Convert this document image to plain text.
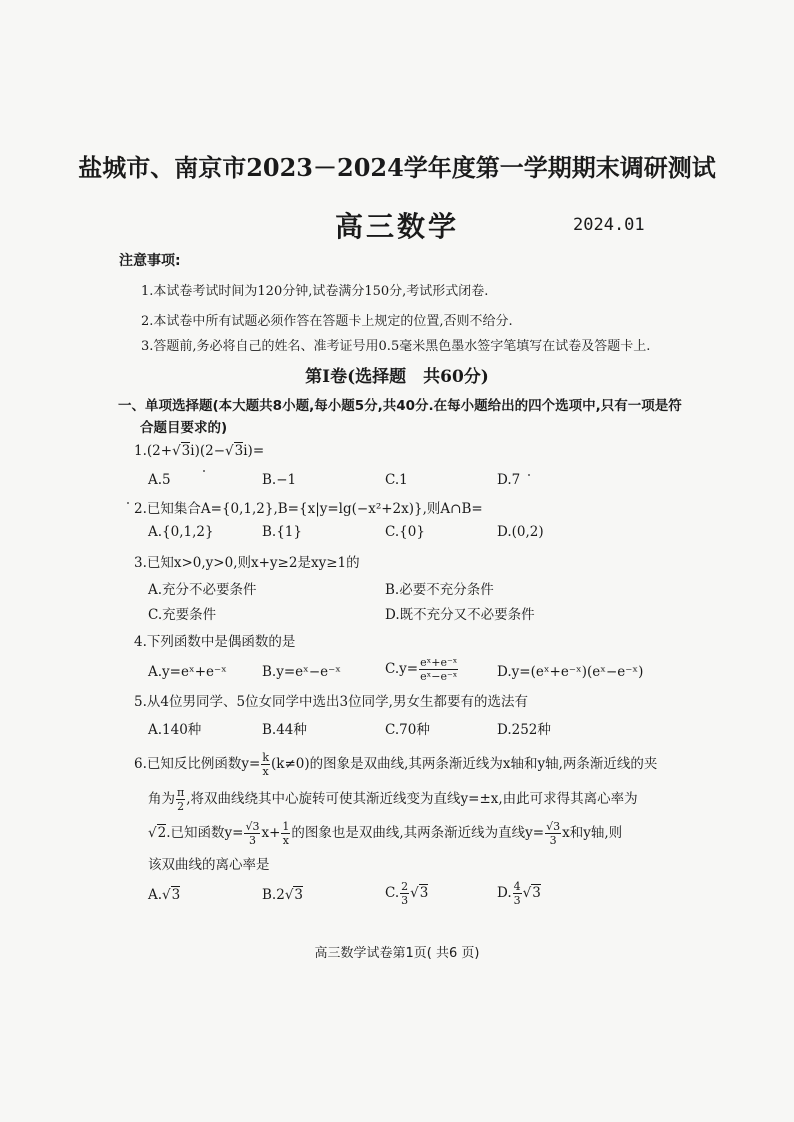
盐城市、南京市2023－2024学年度第一学期期末调研测试
高三数学	2024.01
注意事项:
1.本试卷考试时间为120分钟,试卷满分150分,考试形式闭卷.
2.本试卷中所有试题必须作答在答题卡上规定的位置,否则不给分.
3.答题前,务必将自己的姓名、准考证号用0.5毫米黑色墨水签字笔填写在试卷及答题卡上.
第Ⅰ卷(选择题　共60分)
一、单项选择题(本大题共8小题,每小题5分,共40分.在每小题给出的四个选项中,只有一项是符
合题目要求的)
1.(2+√3i)(2−√3i)=
A.5	B.−1	C.1	D.7
2.已知集合A={0,1,2},B={x|y=lg(−x²+2x)},则A∩B=
A.{0,1,2}	B.{1}	C.{0}	D.(0,2)
3.已知x>0,y>0,则x+y≥2是xy≥1的
A.充分不必要条件	B.必要不充分条件
C.充要条件	D.既不充分又不必要条件
4.下列函数中是偶函数的是
A.y=eˣ+e⁻ˣ	B.y=eˣ−e⁻ˣ	$C.y= \frac{\text{eˣ+e⁻ˣ}}{\text{eˣ−e⁻ˣ}}$	D.y=(eˣ+e⁻ˣ)(eˣ−e⁻ˣ)
5.从4位男同学、5位女同学中选出3位同学,男女生都要有的选法有
A.140种	B.44种	C.70种	D.252种
6.已知反比例函数$y= \frac{k}{x} (k\ne 0)$的图象是双曲线,其两条渐近线为x轴和y轴,两条渐近线的夹
角为 $\frac{\pi}{2}$ ,将双曲线绕其中心旋转可使其渐近线变为直线y=±x,由此可求得其离心率为
√2.已知函数$y= \frac{√3}{3} x+ \frac{1}{x}$ 的图象也是双曲线,其两条渐近线为直线$y= \frac{√3}{3}$ x和y轴,则
该双曲线的离心率是
A.√3	B.2√3	C. $\frac{2}{3} √3$	D. $\frac{4}{3} √3$
高三数学试卷第1页( 共6 页)
